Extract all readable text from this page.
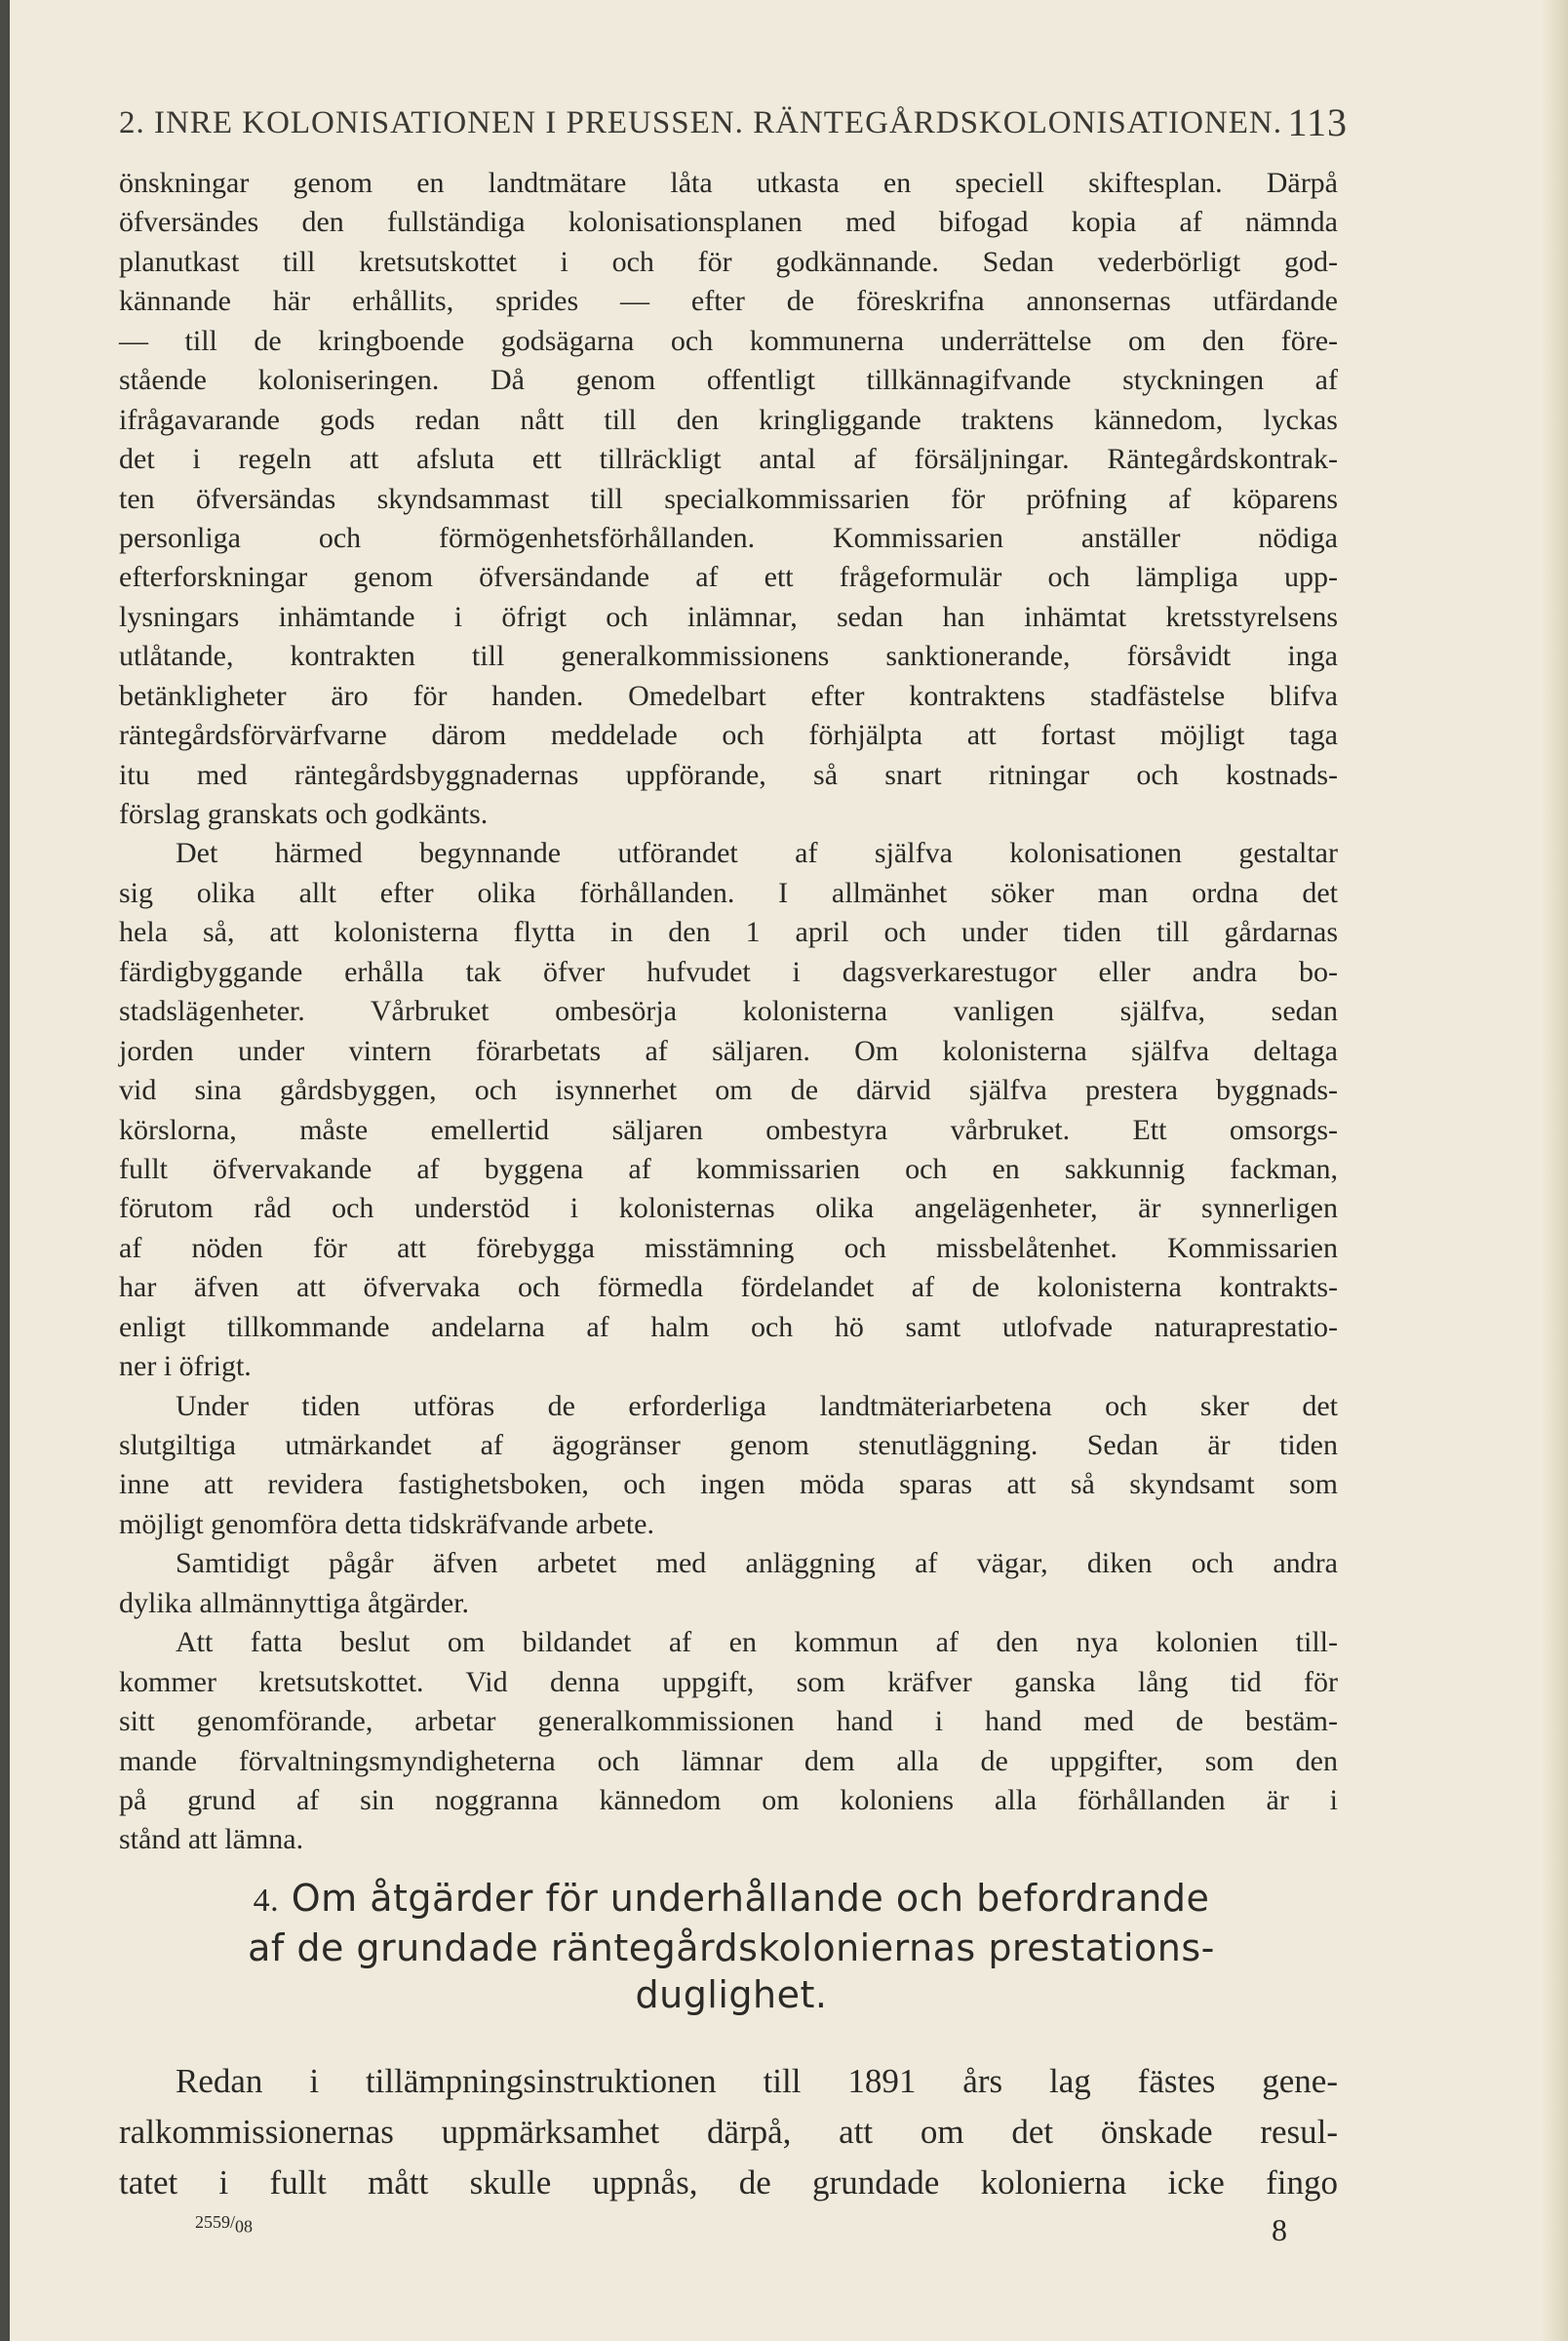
2. INRE KOLONISATIONEN I PREUSSEN. RÄNTEGÅRDSKOLONISATIONEN. 113
önskningar genom en landtmätare låta utkasta en speciell skiftesplan. Därpå
öfversändes den fullständiga kolonisationsplanen med bifogad kopia af nämnda
planutkast till kretsutskottet i och för godkännande. Sedan vederbörligt god-
kännande här erhållits, sprides — efter de föreskrifna annonsernas utfärdande
— till de kringboende godsägarna och kommunerna underrättelse om den före-
stående koloniseringen. Då genom offentligt tillkännagifvande styckningen af
ifrågavarande gods redan nått till den kringliggande traktens kännedom, lyckas
det i regeln att afsluta ett tillräckligt antal af försäljningar. Räntegårdskontrak-
ten öfversändas skyndsammast till specialkommissarien för pröfning af köparens
personliga och förmögenhetsförhållanden. Kommissarien anställer nödiga
efterforskningar genom öfversändande af ett frågeformulär och lämpliga upp-
lysningars inhämtande i öfrigt och inlämnar, sedan han inhämtat kretsstyrelsens
utlåtande, kontrakten till generalkommissionens sanktionerande, försåvidt inga
betänkligheter äro för handen. Omedelbart efter kontraktens stadfästelse blifva
räntegårdsförvärfvarne därom meddelade och förhjälpta att fortast möjligt taga
itu med räntegårdsbyggnadernas uppförande, så snart ritningar och kostnads-
förslag granskats och godkänts.
Det härmed begynnande utförandet af själfva kolonisationen gestaltar
sig olika allt efter olika förhållanden. I allmänhet söker man ordna det
hela så, att kolonisterna flytta in den 1 april och under tiden till gårdarnas
färdigbyggande erhålla tak öfver hufvudet i dagsverkarestugor eller andra bo-
stadslägenheter. Vårbruket ombesörja kolonisterna vanligen själfva, sedan
jorden under vintern förarbetats af säljaren. Om kolonisterna själfva deltaga
vid sina gårdsbyggen, och isynnerhet om de därvid själfva prestera byggnads-
körslorna, måste emellertid säljaren ombestyra vårbruket. Ett omsorgs-
fullt öfvervakande af byggena af kommissarien och en sakkunnig fackman,
förutom råd och understöd i kolonisternas olika angelägenheter, är synnerligen
af nöden för att förebygga misstämning och missbelåtenhet. Kommissarien
har äfven att öfvervaka och förmedla fördelandet af de kolonisterna kontrakts-
enligt tillkommande andelarna af halm och hö samt utlofvade naturaprestatio-
ner i öfrigt.
Under tiden utföras de erforderliga landtmäteriarbetena och sker det
slutgiltiga utmärkandet af ägogränser genom stenutläggning. Sedan är tiden
inne att revidera fastighetsboken, och ingen möda sparas att så skyndsamt som
möjligt genomföra detta tidskräfvande arbete.
Samtidigt pågår äfven arbetet med anläggning af vägar, diken och andra
dylika allmännyttiga åtgärder.
Att fatta beslut om bildandet af en kommun af den nya kolonien till-
kommer kretsutskottet. Vid denna uppgift, som kräfver ganska lång tid för
sitt genomförande, arbetar generalkommissionen hand i hand med de bestäm-
mande förvaltningsmyndigheterna och lämnar dem alla de uppgifter, som den
på grund af sin noggranna kännedom om koloniens alla förhållanden är i
stånd att lämna.
4. Om åtgärder för underhållande och befordrande
af de grundade räntegårdskoloniernas prestations-
duglighet.
Redan i tillämpningsinstruktionen till 1891 års lag fästes gene-
ralkommissionernas uppmärksamhet därpå, att om det önskade resul-
tatet i fullt mått skulle uppnås, de grundade kolonierna icke fingo
$2559/_{08}$	8
